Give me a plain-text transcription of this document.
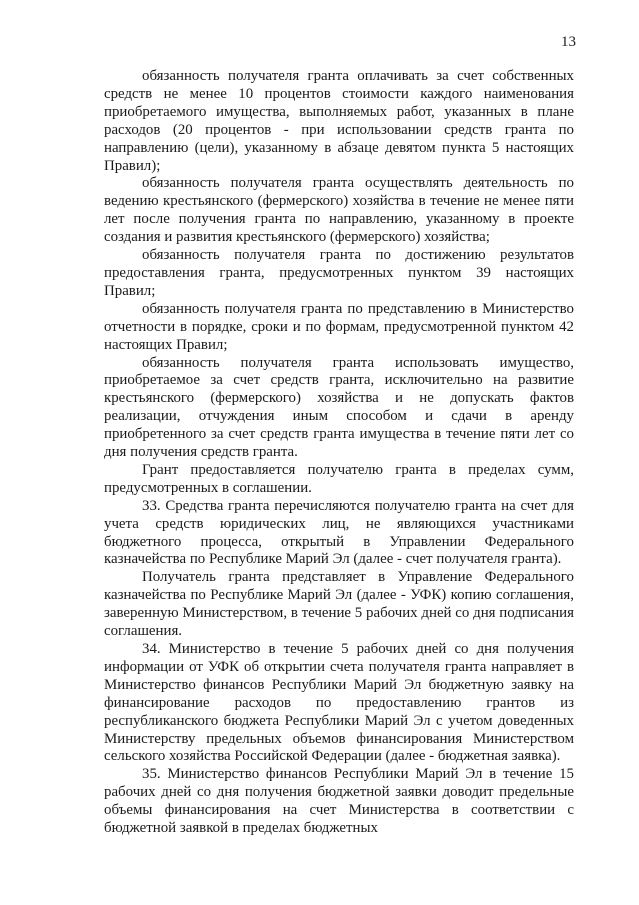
13

обязанность получателя гранта оплачивать за счет собственных средств не менее 10 процентов стоимости каждого наименования приобретаемого имущества, выполняемых работ, указанных в плане расходов (20 процентов - при использовании средств гранта по направлению (цели), указанному в абзаце девятом пункта 5 настоящих Правил);

обязанность получателя гранта осуществлять деятельность по ведению крестьянского (фермерского) хозяйства в течение не менее пяти лет после получения гранта по направлению, указанному в проекте создания и развития крестьянского (фермерского) хозяйства;

обязанность получателя гранта по достижению результатов предоставления гранта, предусмотренных пунктом 39 настоящих Правил;

обязанность получателя гранта по представлению в Министерство отчетности в порядке, сроки и по формам, предусмотренной пунктом 42 настоящих Правил;

обязанность получателя гранта использовать имущество, приобретаемое за счет средств гранта, исключительно на развитие крестьянского (фермерского) хозяйства и не допускать фактов реализации, отчуждения иным способом и сдачи в аренду приобретенного за счет средств гранта имущества в течение пяти лет со дня получения средств гранта.

Грант предоставляется получателю гранта в пределах сумм, предусмотренных в соглашении.

33. Средства гранта перечисляются получателю гранта на счет для учета средств юридических лиц, не являющихся участниками бюджетного процесса, открытый в Управлении Федерального казначейства по Республике Марий Эл (далее - счет получателя гранта).

Получатель гранта представляет в Управление Федерального казначейства по Республике Марий Эл (далее - УФК) копию соглашения, заверенную Министерством, в течение 5 рабочих дней со дня подписания соглашения.

34. Министерство в течение 5 рабочих дней со дня получения информации от УФК об открытии счета получателя гранта направляет в Министерство финансов Республики Марий Эл бюджетную заявку на финансирование расходов по предоставлению грантов из республиканского бюджета Республики Марий Эл с учетом доведенных Министерству предельных объемов финансирования Министерством сельского хозяйства Российской Федерации (далее - бюджетная заявка).

35. Министерство финансов Республики Марий Эл в течение 15 рабочих дней со дня получения бюджетной заявки доводит предельные объемы финансирования на счет Министерства в соответствии с бюджетной заявкой в пределах бюджетных
